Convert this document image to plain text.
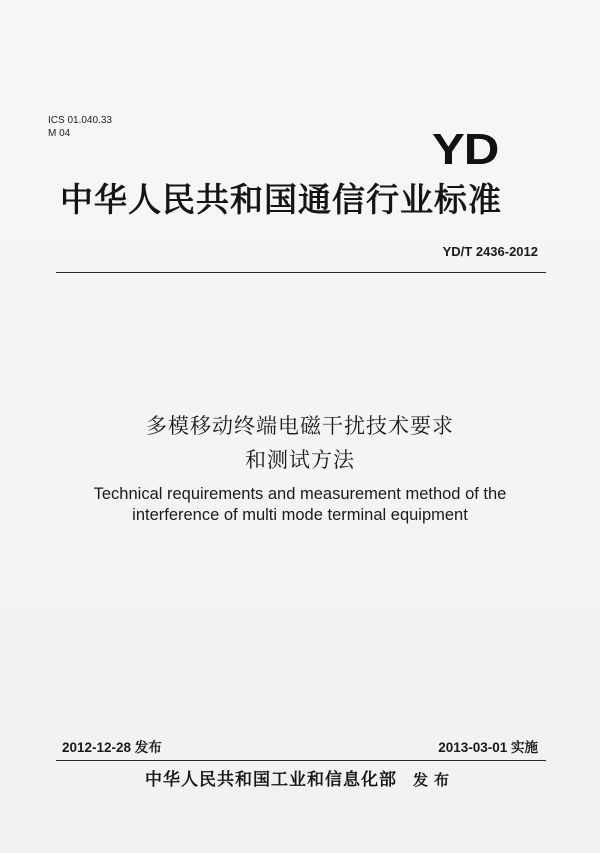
ICS 01.040.33
M 04	YD
中华人民共和国通信行业标准
YD/T 2436-2012
多模移动终端电磁干扰技术要求
和测试方法
Technical requirements and measurement method of the
interference of multi mode terminal equipment
2012-12-28 发布	2013-03-01 实施
中华人民共和国工业和信息化部 发布
